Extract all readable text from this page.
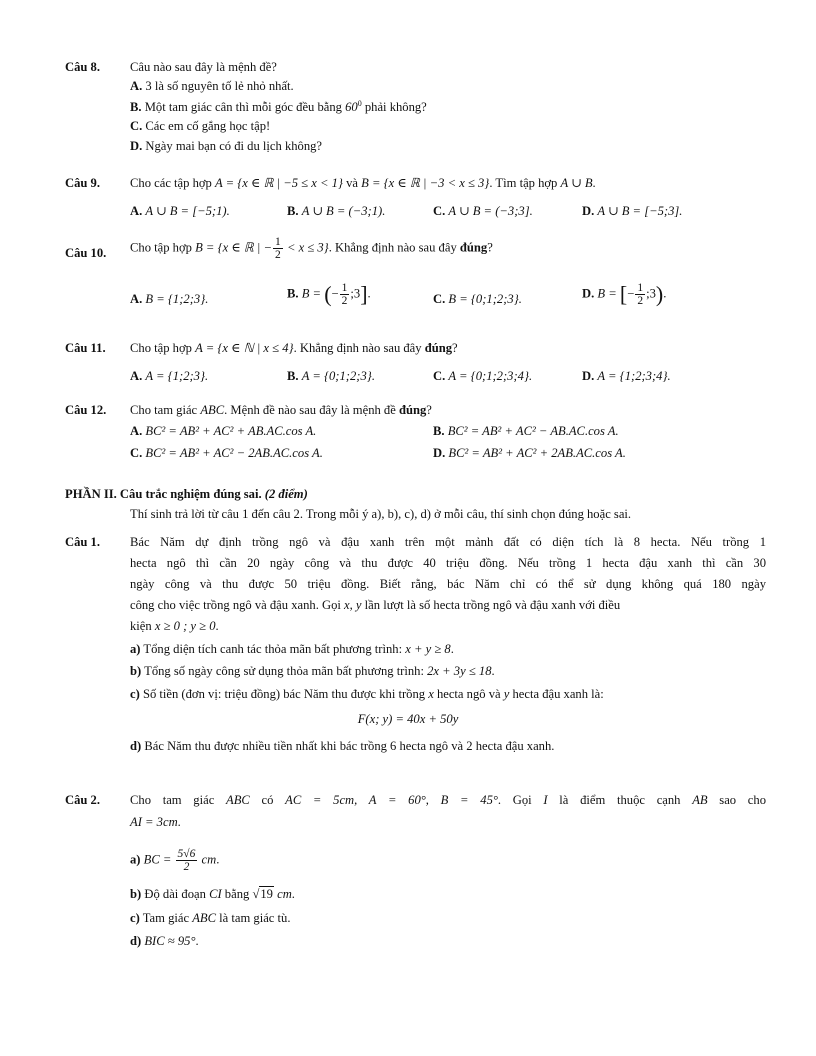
Câu 8. Câu nào sau đây là mệnh đề?
A. 3 là số nguyên tố lẻ nhỏ nhất.
B. Một tam giác cân thì mỗi góc đều bằng $60^0$ phải không?
C. Các em cố gắng học tập!
D. Ngày mai bạn có đi du lịch không?
Câu 9. Cho các tập hợp A = {x ∈ ℝ | −5 ≤ x < 1} và B = {x ∈ ℝ | −3 < x ≤ 3}. Tìm tập hợp A ∪ B.
A. A ∪ B = [−5;1).	B. A ∪ B = (−3;1).	C. A ∪ B = (−3;3].	D. A ∪ B = [−5;3].
Câu 10. Cho tập hợp B = {x ∈ ℝ | − $\frac{1}{2} < x \le 3$}. Khẳng định nào sau đây đúng?
A. B = {1;2;3}.	B. B = (− $\frac{1}{2}$ ;3].	C. B = {0;1;2;3}.	D. B = [− $\frac{1}{2}$ ;3).
Câu 11. Cho tập hợp A = {x ∈ ℕ | x ≤ 4}. Khẳng định nào sau đây đúng?
A. A = {1;2;3}.	B. A = {0;1;2;3}.	C. A = {0;1;2;3;4}.	D. A = {1;2;3;4}.
Câu 12. Cho tam giác ABC. Mệnh đề nào sau đây là mệnh đề đúng?
A. BC² = AB² + AC² + AB.AC.cos A.	B. BC² = AB² + AC² − AB.AC.cos A.
C. BC² = AB² + AC² − 2AB.AC.cos A.	D. BC² = AB² + AC² + 2AB.AC.cos A.
PHẦN II. Câu trắc nghiệm đúng sai. (2 điểm)
Thí sinh trả lời từ câu 1 đến câu 2. Trong mỗi ý a), b), c), d) ở mỗi câu, thí sinh chọn đúng hoặc sai.
Câu 1. Bác Năm dự định trồng ngô và đậu xanh trên một mảnh đất có diện tích là 8 hecta. Nếu trồng 1
hecta ngô thì cần 20 ngày công và thu được 40 triệu đồng. Nếu trồng 1 hecta đậu xanh thì cần 30
ngày công và thu được 50 triệu đồng. Biết rằng, bác Năm chỉ có thể sử dụng không quá 180 ngày
công cho việc trồng ngô và đậu xanh. Gọi x, y lần lượt là số hecta trồng ngô và đậu xanh với điều
kiện x ≥ 0 ; y ≥ 0.
a) Tổng diện tích canh tác thỏa mãn bất phương trình: x + y ≥ 8.
b) Tổng số ngày công sử dụng thỏa mãn bất phương trình: 2x + 3y ≤ 18.
c) Số tiền (đơn vị: triệu đồng) bác Năm thu được khi trồng x hecta ngô và y hecta đậu xanh là:
F(x; y) = 40x + 50y
d) Bác Năm thu được nhiều tiền nhất khi bác trồng 6 hecta ngô và 2 hecta đậu xanh.
Câu 2. Cho tam giác ABC có AC = 5cm, A = 60°, B = 45°. Gọi I là điểm thuộc cạnh AB sao cho
AI = 3cm.
a) BC = $\frac{5√6}{2}$ cm.
b) Độ dài đoạn CI bằng √19 cm.
c) Tam giác ABC là tam giác tù.
d) BIC ≈ 95°.
